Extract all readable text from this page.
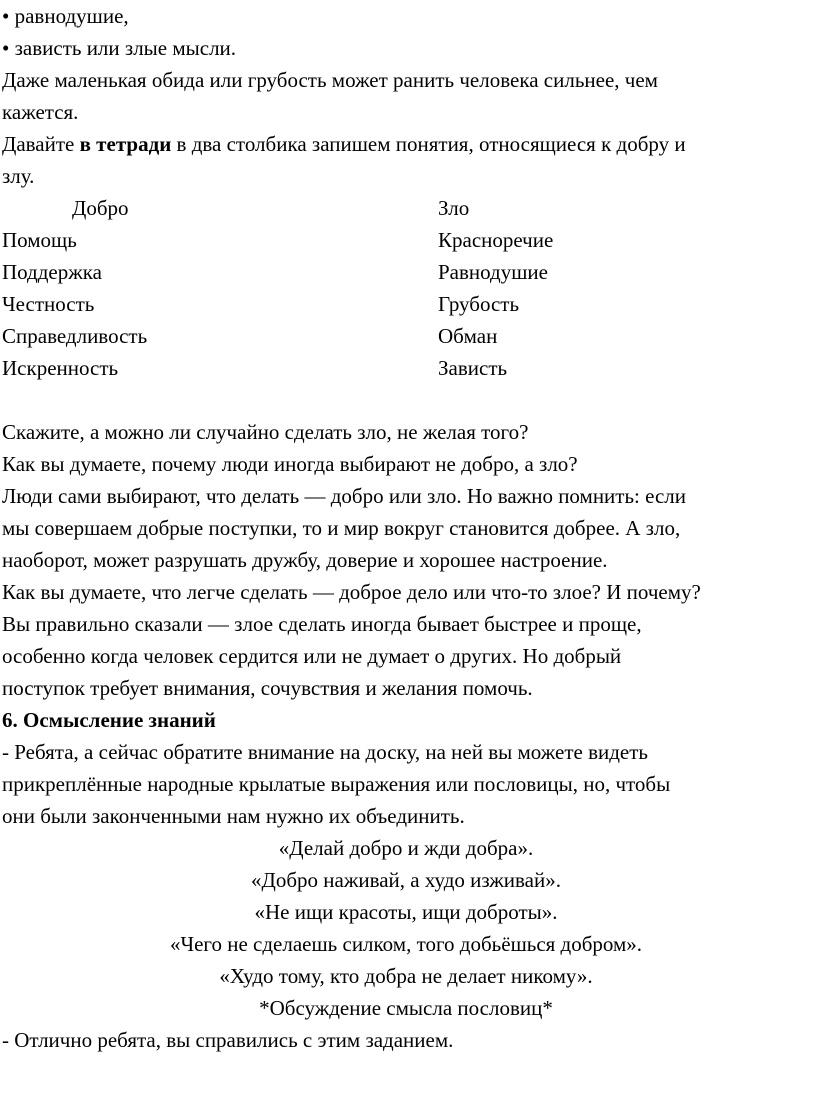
• равнодушие,
• зависть или злые мысли.
Даже маленькая обида или грубость может ранить человека сильнее, чем
кажется.
Давайте в тетради в два столбика запишем понятия, относящиеся к добру и
злу.
Добро	Зло
Помощь	Красноречие
Поддержка	Равнодушие
Честность	Грубость
Справедливость	Обман
Искренность	Зависть
Скажите, а можно ли случайно сделать зло, не желая того?
Как вы думаете, почему люди иногда выбирают не добро, а зло?
Люди сами выбирают, что делать — добро или зло. Но важно помнить: если
мы совершаем добрые поступки, то и мир вокруг становится добрее. А зло,
наоборот, может разрушать дружбу, доверие и хорошее настроение.
Как вы думаете, что легче сделать — доброе дело или что-то злое? И почему?
Вы правильно сказали — злое сделать иногда бывает быстрее и проще,
особенно когда человек сердится или не думает о других. Но добрый
поступок требует внимания, сочувствия и желания помочь.
6. Осмысление знаний
- Ребята, а сейчас обратите внимание на доску, на ней вы можете видеть
прикреплённые народные крылатые выражения или пословицы, но, чтобы
они были законченными нам нужно их объединить.
«Делай добро и жди добра».
«Добро наживай, а худо изживай».
«Не ищи красоты, ищи доброты».
«Чего не сделаешь силком, того добьёшься добром».
«Худо тому, кто добра не делает никому».
*Обсуждение смысла пословиц*
- Отлично ребята, вы справились с этим заданием.
